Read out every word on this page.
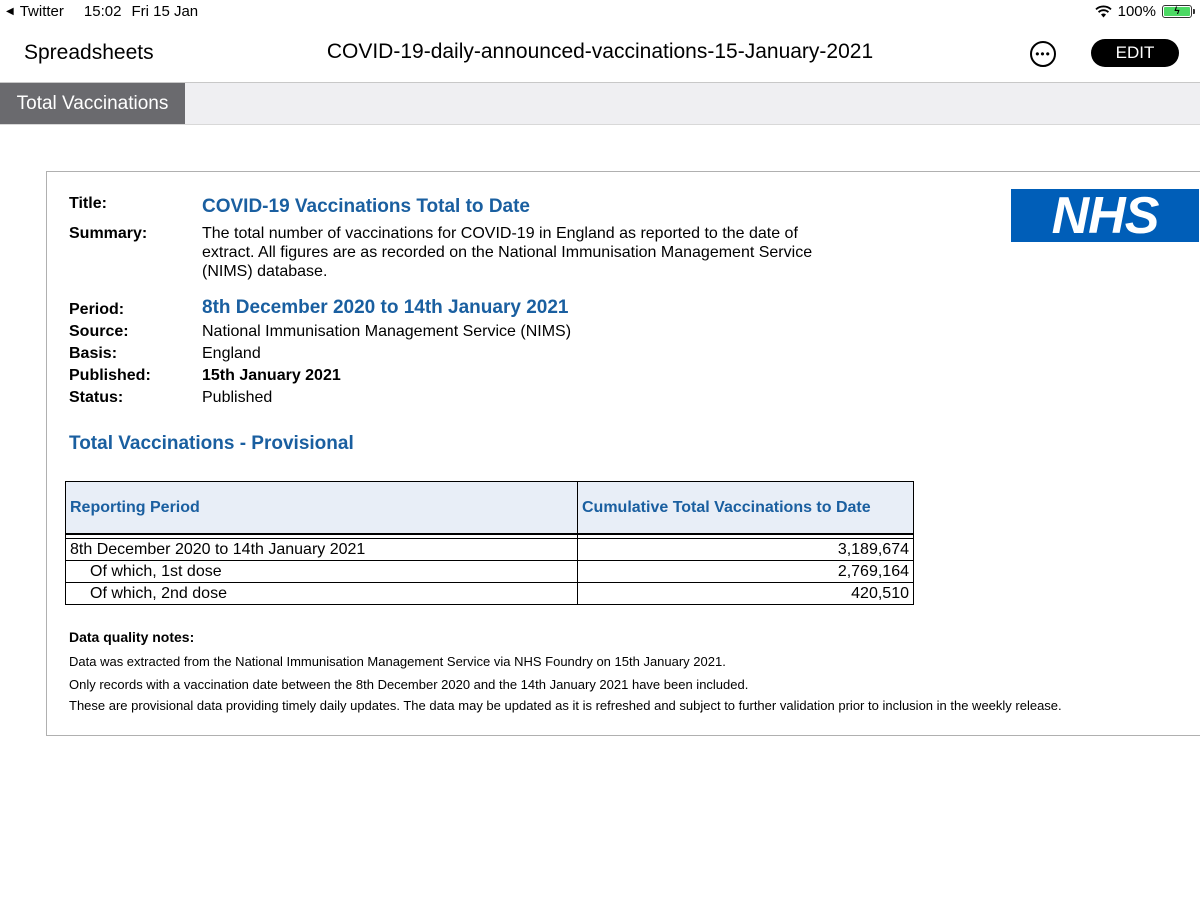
◀ Twitter 15:02 Fri 15 Jan	100%	ϟ
Spreadsheets	COVID-19-daily-announced-vaccinations-15-January-2021	•••	EDIT
Total Vaccinations
Title:	COVID-19 Vaccinations Total to Date
Summary:	The total number of vaccinations for COVID-19 in England as reported to the date of
extract. All figures are as recorded on the National Immunisation Management Service
(NIMS) database.
Period:	8th December 2020 to 14th January 2021
Source:	National Immunisation Management Service (NIMS)
Basis:	England
Published:	15th January 2021
Status:	Published
NHS
Total Vaccinations - Provisional
Reporting Period	Cumulative Total Vaccinations to Date

8th December 2020 to 14th January 2021	3,189,674
Of which, 1st dose	2,769,164
Of which, 2nd dose	420,510
Data quality notes:
Data was extracted from the National Immunisation Management Service via NHS Foundry on 15th January 2021.
Only records with a vaccination date between the 8th December 2020 and the 14th January 2021 have been included.
These are provisional data providing timely daily updates. The data may be updated as it is refreshed and subject to further validation prior to inclusion in the weekly release.
